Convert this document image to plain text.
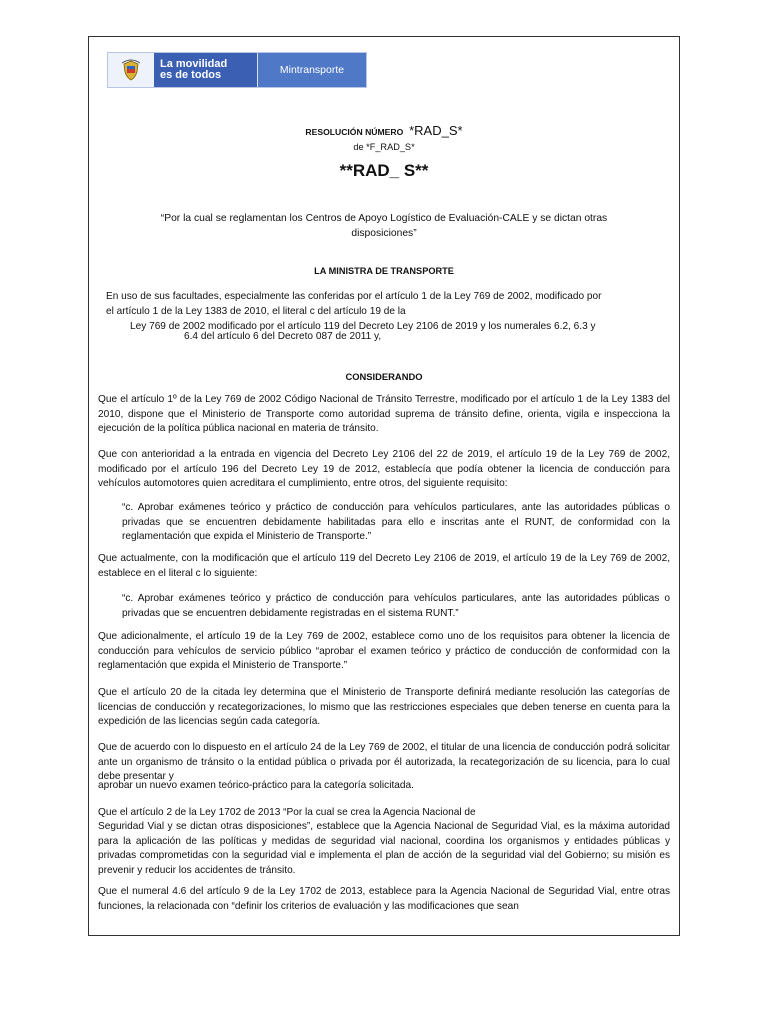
La movilidad
es de todos	Mintransporte
RESOLUCIÓN NÚMERO *RAD_S*
de *F_RAD_S*
**RAD_ S**
“Por la cual se reglamentan los Centros de Apoyo Logístico de Evaluación-CALE y se dictan otras
disposiciones”
LA MINISTRA DE TRANSPORTE
En uso de sus facultades, especialmente las conferidas por el artículo 1 de la Ley 769 de 2002, modificado por
el artículo 1 de la Ley 1383 de 2010, el literal c del artículo 19 de la
Ley 769 de 2002 modificado por el artículo 119 del Decreto Ley 2106 de 2019 y los numerales 6.2, 6.3 y
6.4 del artículo 6 del Decreto 087 de 2011 y,
CONSIDERANDO

Que el artículo 1º de la Ley 769 de 2002 Código Nacional de Tránsito Terrestre, modificado por el artículo 1 de la Ley 1383 del 2010, dispone que el Ministerio de Transporte como autoridad suprema de tránsito define, orienta, vigila e inspecciona la ejecución de la política pública nacional en materia de tránsito.

Que con anterioridad a la entrada en vigencia del Decreto Ley 2106 del 22 de 2019, el artículo 19 de la Ley 769 de 2002, modificado por el artículo 196 del Decreto Ley 19 de 2012, establecía que podía obtener la licencia de conducción para vehículos automotores quien acreditara el cumplimiento, entre otros, del siguiente requisito:

“c. Aprobar exámenes teórico y práctico de conducción para vehículos particulares, ante las autoridades públicas o privadas que se encuentren debidamente habilitadas para ello e inscritas ante el RUNT, de conformidad con la reglamentación que expida el Ministerio de Transporte.”

Que actualmente, con la modificación que el artículo 119 del Decreto Ley 2106 de 2019, el artículo 19 de la Ley 769 de 2002, establece en el literal c lo siguiente:

“c. Aprobar exámenes teórico y práctico de conducción para vehículos particulares, ante las autoridades públicas o privadas que se encuentren debidamente registradas en el sistema RUNT.”

Que adicionalmente, el artículo 19 de la Ley 769 de 2002, establece como uno de los requisitos para obtener la licencia de conducción para vehículos de servicio público “aprobar el examen teórico y práctico de conducción de conformidad con la reglamentación que expida el Ministerio de Transporte.”

Que el artículo 20 de la citada ley determina que el Ministerio de Transporte definirá mediante resolución las categorías de licencias de conducción y recategorizaciones, lo mismo que las restricciones especiales que deben tenerse en cuenta para la expedición de las licencias según cada categoría.

Que de acuerdo con lo dispuesto en el artículo 24 de la Ley 769 de 2002, el titular de una licencia de conducción podrá solicitar ante un organismo de tránsito o la entidad pública o privada por él autorizada, la recategorización de su licencia, para lo cual debe presentar y

aprobar un nuevo examen teórico-práctico para la categoría solicitada.
Que el artículo 2 de la Ley 1702 de 2013 “Por la cual se crea la Agencia Nacional de

Seguridad Vial y se dictan otras disposiciones”, establece que la Agencia Nacional de Seguridad Vial, es la máxima autoridad para la aplicación de las políticas y medidas de seguridad vial nacional, coordina los organismos y entidades públicas y privadas comprometidas con la seguridad vial e implementa el plan de acción de la seguridad vial del Gobierno; su misión es prevenir y reducir los accidentes de tránsito.

Que el numeral 4.6 del artículo 9 de la Ley 1702 de 2013, establece para la Agencia Nacional de Seguridad Vial, entre otras funciones, la relacionada con “definir los criterios de evaluación y las modificaciones que sean
